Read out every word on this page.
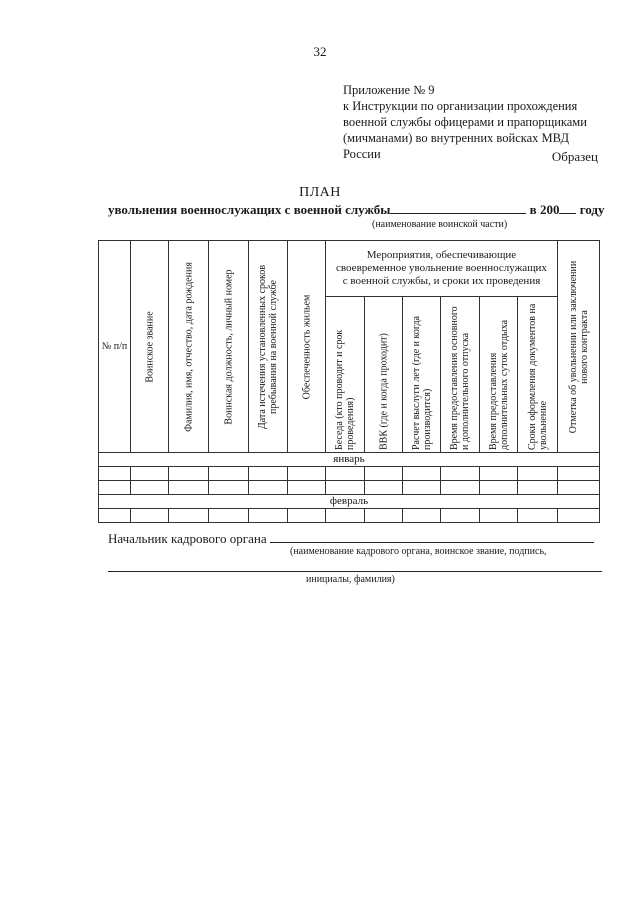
32
Приложение № 9
к Инструкции по организации прохождения
военной службы офицерами и прапорщиками
(мичманами) во внутренних войсках МВД
России	Образец
ПЛАН
увольнения военнослужащих с военной службы	в 200 году
(наименование воинской части)
№ п/п	Воинское звание	Фамилия, имя, отчество, дата рождения	Воинская должность, личный номер	Дата истечения установленных сроков пребывания на военной службе	Обеспеченность жильем	Мероприятия, обеспечивающие своевременное увольнение военнослужащих с военной службы, и сроки их проведения						Отметка об увольнении или заключении нового контракта

						Беседа (кто проводит и срок проведения)	ВВК (где и когда проходит)	Расчет выслуги лет (где и когда производится)	Время предоставления основного и дополнительного отпуска	Время предоставления дополнительных суток отдыха	Сроки оформления документов на увольнение	

январь												

февраль												

Начальник кадрового органа
(наименование кадрового органа, воинское звание, подпись,
инициалы, фамилия)
